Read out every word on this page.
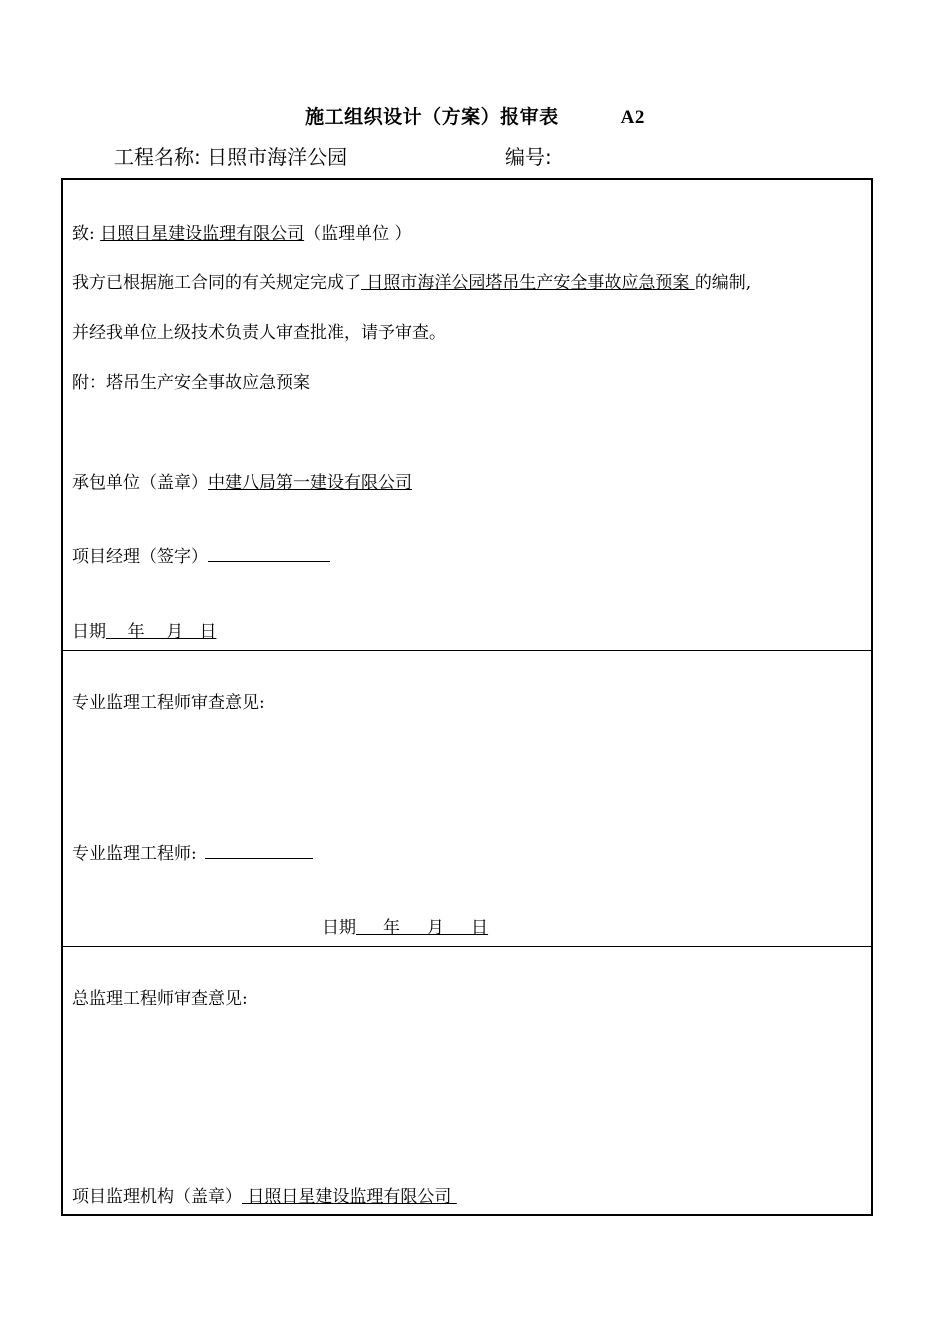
施工组织设计（方案）报审表	A2
工程名称: 日照市海洋公园	编号:
致: 日照日星建设监理有限公司（监理单位 ）
我方已根据施工合同的有关规定完成了 日照市海洋公园塔吊生产安全事故应急预案 的编制,
并经我单位上级技术负责人审查批准，请予审查。
附：塔吊生产安全事故应急预案
承包单位（盖章）中建八局第一建设有限公司
项目经理（签字）
日期    年    月   日
专业监理工程师审查意见:
专业监理工程师:
日期     年     月     日
总监理工程师审查意见:
项目监理机构（盖章） 日照日星建设监理有限公司
